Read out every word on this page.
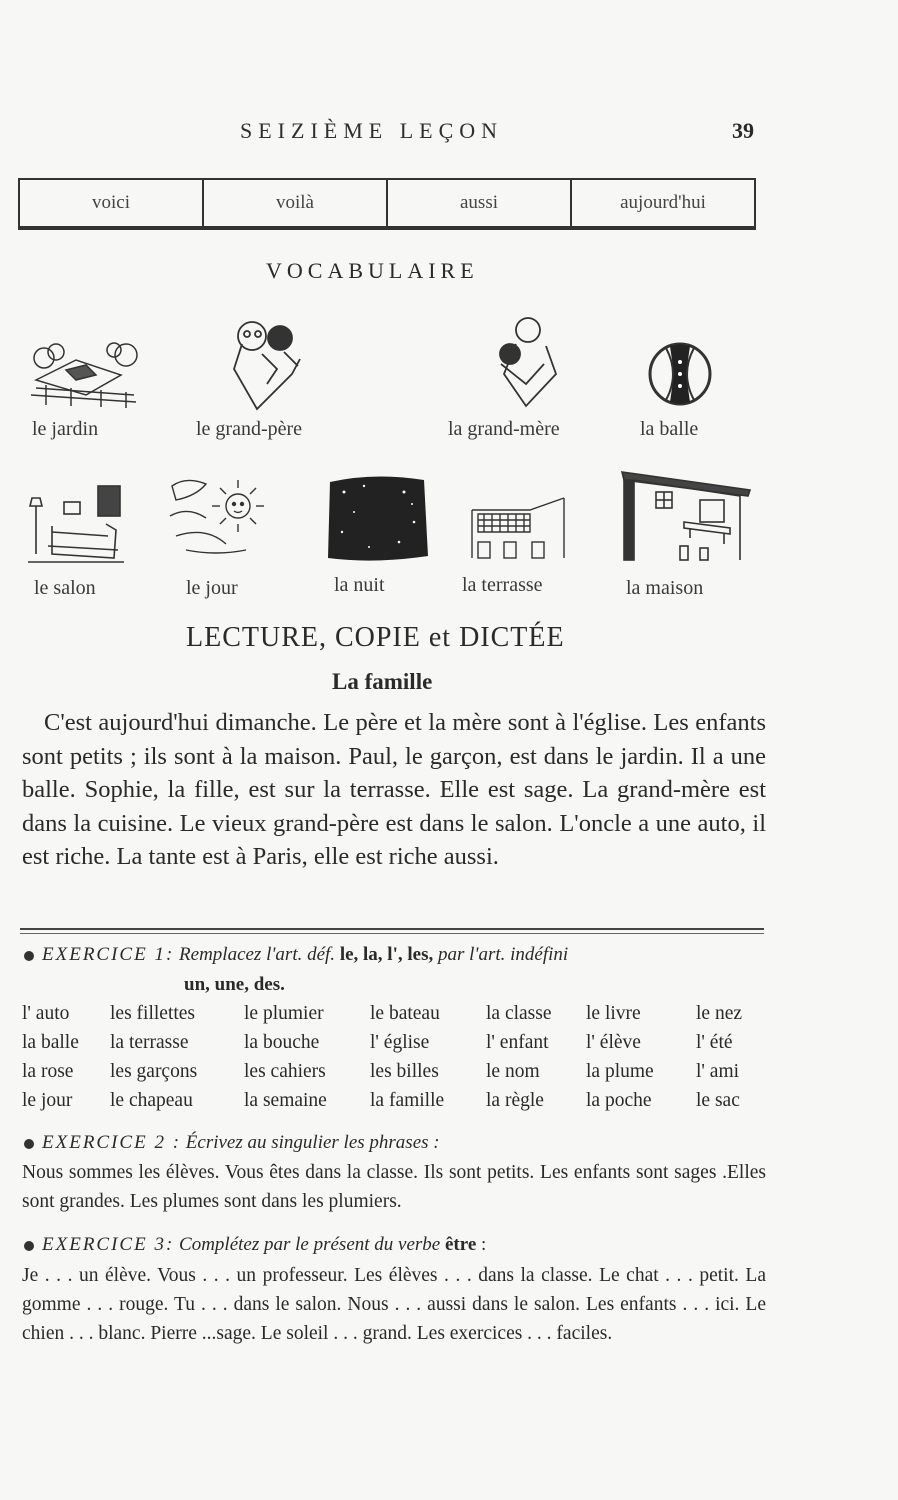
SEIZIÈME LEÇON	39
voici	voilà	aussi	aujourd'hui
VOCABULAIRE
le jardin	le grand-père	la grand-mère	la balle
le salon	le jour	la nuit	la terrasse	la maison
LECTURE, COPIE et DICTÉE
La famille

C'est aujourd'hui dimanche. Le père et la mère sont à l'église. Les enfants sont petits ; ils sont à la maison. Paul, le garçon, est dans le jardin. Il a une balle. Sophie, la fille, est sur la terrasse. Elle est sage. La grand-mère est dans la cuisine. Le vieux grand-père est dans le salon. L'oncle a une auto, il est riche. La tante est à Paris, elle est riche aussi.

EXERCICE 1: Remplacez l'art. déf. le, la, l', les, par l'art. indéfini
un, une, des.
l' auto	les fillettes	le plumier	le bateau	la classe	le livre	le nez
la balle	la terrasse	la bouche	l' église	l' enfant	l' élève	l' été
la rose	les garçons	les cahiers	les billes	le nom	la plume	l' ami
le jour	le chapeau	la semaine	la famille	la règle	la poche	le sac
EXERCICE 2 : Écrivez au singulier les phrases :
Nous sommes les élèves. Vous êtes dans la classe. Ils sont petits. Les enfants sont sages .Elles sont grandes. Les plumes sont dans les plumiers.
EXERCICE 3: Complétez par le présent du verbe être :
Je . . . un élève. Vous . . . un professeur. Les élèves . . . dans la classe. Le chat . . . petit. La gomme . . . rouge. Tu . . . dans le salon. Nous . . . aussi dans le salon. Les enfants . . . ici. Le chien . . . blanc. Pierre ...sage. Le soleil . . . grand. Les exercices . . . faciles.
